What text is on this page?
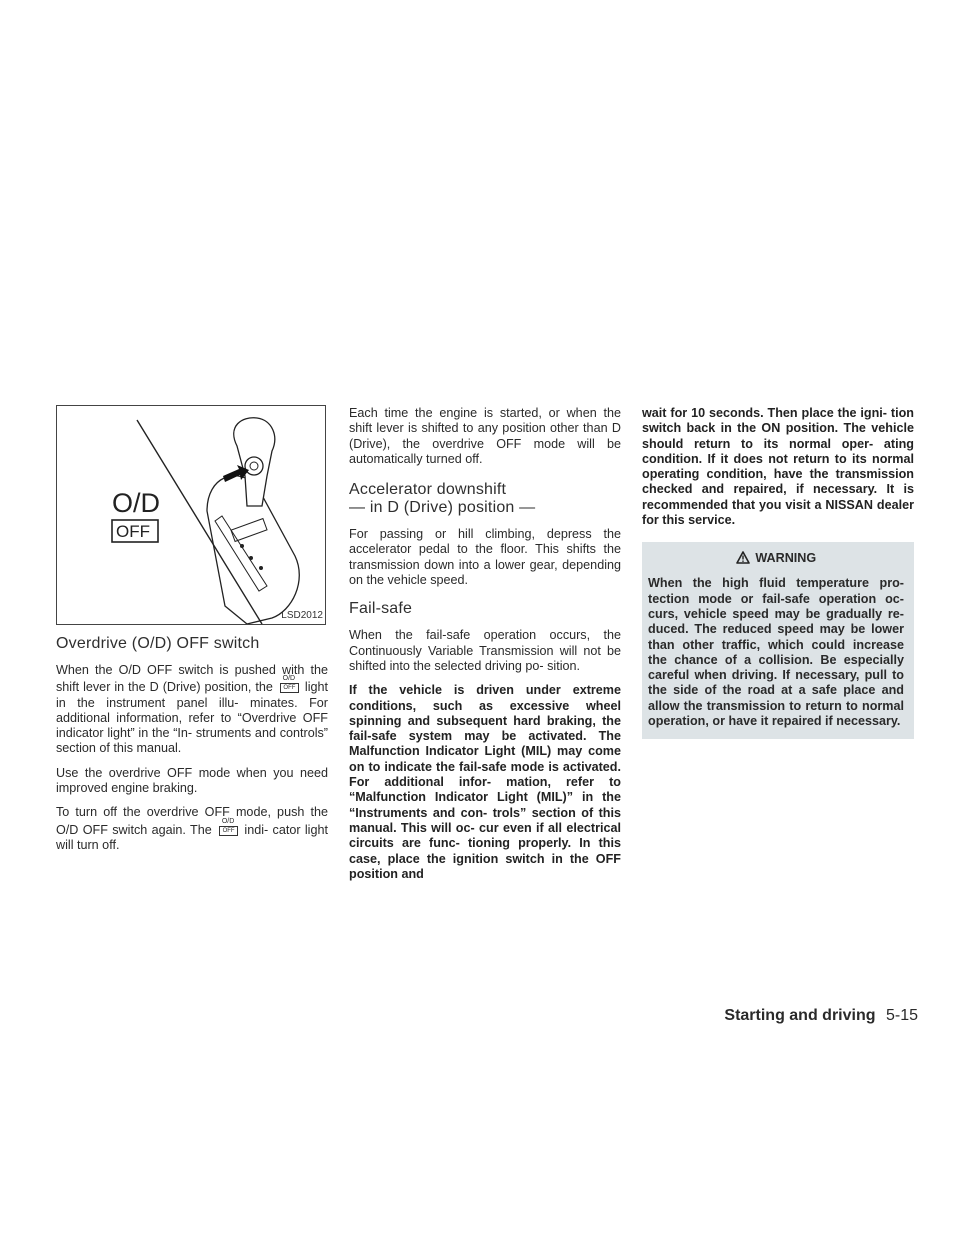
O/D
OFF
LSD2012
Overdrive (O/D) OFF switch

When the O/D OFF switch is pushed with the shift lever in the D (Drive) position, the
O/D
OFF light in the instrument panel illu- minates. For additional information, refer to “Overdrive OFF indicator light” in the “In- struments and controls” section of this manual.

Use the overdrive OFF mode when you need improved engine braking.

To turn off the overdrive OFF mode, push the O/D OFF switch again. The
O/D
OFF indi- cator light will turn off.

Each time the engine is started, or when the shift lever is shifted to any position other than D (Drive), the overdrive OFF mode will be automatically turned off.

Accelerator downshift
— in D (Drive) position —

For passing or hill climbing, depress the accelerator pedal to the floor. This shifts the transmission down into a lower gear, depending on the vehicle speed.

Fail-safe

When the fail-safe operation occurs, the Continuously Variable Transmission will not be shifted into the selected driving po- sition.

If the vehicle is driven under extreme conditions, such as excessive wheel spinning and subsequent hard braking, the fail-safe system may be activated. The Malfunction Indicator Light (MIL) may come on to indicate the fail-safe mode is activated. For additional infor- mation, refer to “Malfunction Indicator Light (MIL)” in the “Instruments and con- trols” section of this manual. This will oc- cur even if all electrical circuits are func- tioning properly. In this case, place the ignition switch in the OFF position and

wait for 10 seconds. Then place the igni- tion switch back in the ON position. The vehicle should return to its normal oper- ating condition. If it does not return to its normal operating condition, have the transmission checked and repaired, if necessary. It is recommended that you visit a NISSAN dealer for this service.

WARNING

When the high fluid temperature pro- tection mode or fail-safe operation oc- curs, vehicle speed may be gradually re- duced. The reduced speed may be lower than other traffic, which could increase the chance of a collision. Be especially careful when driving. If necessary, pull to the side of the road at a safe place and allow the transmission to return to normal operation, or have it repaired if necessary.

Starting and driving 5-15
